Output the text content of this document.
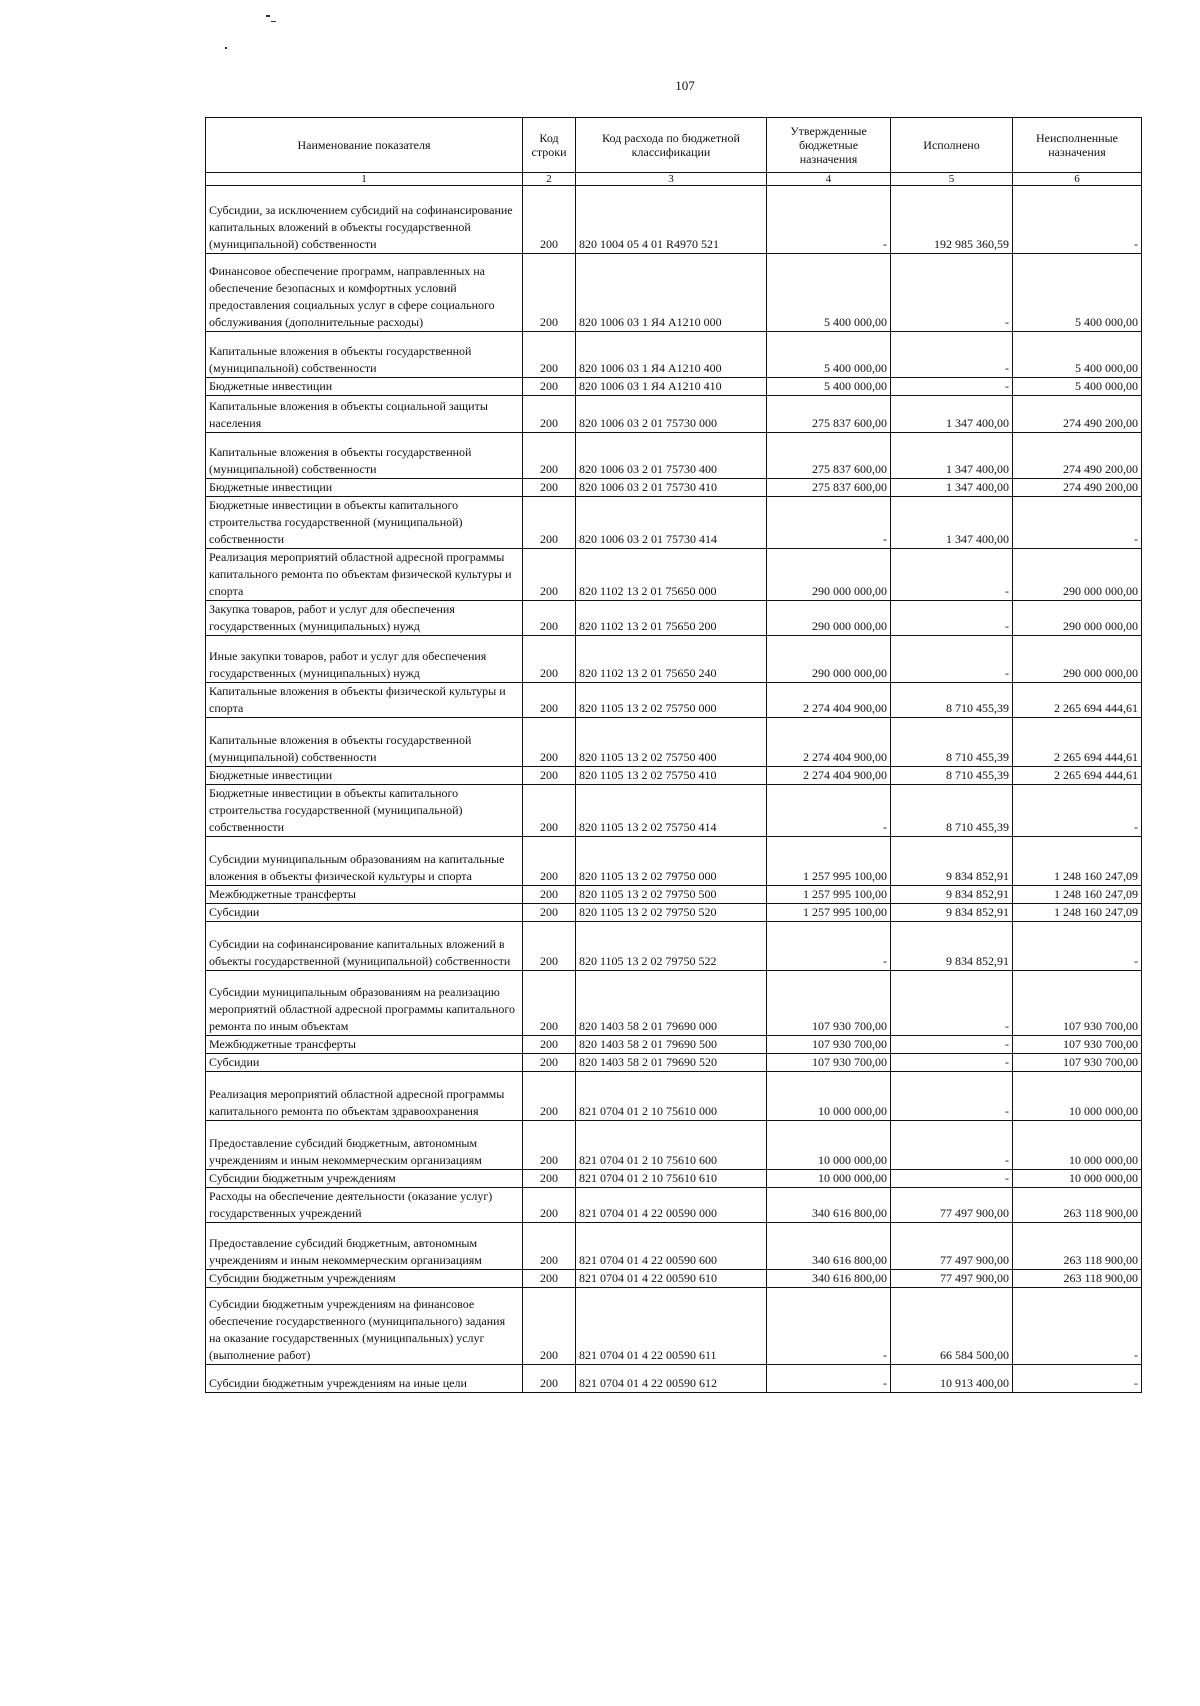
107
Наименование показателя	Код строки	Код расхода по бюджетной классификации	Утвержденные бюджетные назначения	Исполнено	Неисполненные назначения
1	2	3	4	5	6
Субсидии, за исключением субсидий на софинансирование капитальных вложений в объекты государственной (муниципальной) собственности	200	820 1004 05 4 01 R4970 521	-	192 985 360,59	-
Финансовое обеспечение программ, направленных на обеспечение безопасных и комфортных условий предоставления социальных услуг в сфере социального обслуживания (дополнительные расходы)	200	820 1006 03 1 Я4 А1210 000	5 400 000,00	-	5 400 000,00
Капитальные вложения в объекты государственной (муниципальной) собственности	200	820 1006 03 1 Я4 А1210 400	5 400 000,00	-	5 400 000,00
Бюджетные инвестиции	200	820 1006 03 1 Я4 А1210 410	5 400 000,00	-	5 400 000,00
Капитальные вложения в объекты социальной защиты населения	200	820 1006 03 2 01 75730 000	275 837 600,00	1 347 400,00	274 490 200,00
Капитальные вложения в объекты государственной (муниципальной) собственности	200	820 1006 03 2 01 75730 400	275 837 600,00	1 347 400,00	274 490 200,00
Бюджетные инвестиции	200	820 1006 03 2 01 75730 410	275 837 600,00	1 347 400,00	274 490 200,00
Бюджетные инвестиции в объекты капитального строительства государственной (муниципальной) собственности	200	820 1006 03 2 01 75730 414	-	1 347 400,00	-
Реализация мероприятий областной адресной программы капитального ремонта по объектам физической культуры и спорта	200	820 1102 13 2 01 75650 000	290 000 000,00	-	290 000 000,00
Закупка товаров, работ и услуг для обеспечения государственных (муниципальных) нужд	200	820 1102 13 2 01 75650 200	290 000 000,00	-	290 000 000,00
Иные закупки товаров, работ и услуг для обеспечения государственных (муниципальных) нужд	200	820 1102 13 2 01 75650 240	290 000 000,00	-	290 000 000,00
Капитальные вложения в объекты физической культуры и спорта	200	820 1105 13 2 02 75750 000	2 274 404 900,00	8 710 455,39	2 265 694 444,61
Капитальные вложения в объекты государственной (муниципальной) собственности	200	820 1105 13 2 02 75750 400	2 274 404 900,00	8 710 455,39	2 265 694 444,61
Бюджетные инвестиции	200	820 1105 13 2 02 75750 410	2 274 404 900,00	8 710 455,39	2 265 694 444,61
Бюджетные инвестиции в объекты капитального строительства государственной (муниципальной) собственности	200	820 1105 13 2 02 75750 414	-	8 710 455,39	-
Субсидии муниципальным образованиям на капитальные вложения в объекты физической культуры и спорта	200	820 1105 13 2 02 79750 000	1 257 995 100,00	9 834 852,91	1 248 160 247,09
Межбюджетные трансферты	200	820 1105 13 2 02 79750 500	1 257 995 100,00	9 834 852,91	1 248 160 247,09
Субсидии	200	820 1105 13 2 02 79750 520	1 257 995 100,00	9 834 852,91	1 248 160 247,09
Субсидии на софинансирование капитальных вложений в объекты государственной (муниципальной) собственности	200	820 1105 13 2 02 79750 522	-	9 834 852,91	-
Субсидии муниципальным образованиям на реализацию мероприятий областной адресной программы капитального ремонта по иным объектам	200	820 1403 58 2 01 79690 000	107 930 700,00	-	107 930 700,00
Межбюджетные трансферты	200	820 1403 58 2 01 79690 500	107 930 700,00	-	107 930 700,00
Субсидии	200	820 1403 58 2 01 79690 520	107 930 700,00	-	107 930 700,00
Реализация мероприятий областной адресной программы капитального ремонта по объектам здравоохранения	200	821 0704 01 2 10 75610 000	10 000 000,00	-	10 000 000,00
Предоставление субсидий бюджетным, автономным учреждениям и иным некоммерческим организациям	200	821 0704 01 2 10 75610 600	10 000 000,00	-	10 000 000,00
Субсидии бюджетным учреждениям	200	821 0704 01 2 10 75610 610	10 000 000,00	-	10 000 000,00
Расходы на обеспечение деятельности (оказание услуг) государственных учреждений	200	821 0704 01 4 22 00590 000	340 616 800,00	77 497 900,00	263 118 900,00
Предоставление субсидий бюджетным, автономным учреждениям и иным некоммерческим организациям	200	821 0704 01 4 22 00590 600	340 616 800,00	77 497 900,00	263 118 900,00
Субсидии бюджетным учреждениям	200	821 0704 01 4 22 00590 610	340 616 800,00	77 497 900,00	263 118 900,00
Субсидии бюджетным учреждениям на финансовое обеспечение государственного (муниципального) задания на оказание государственных (муниципальных) услуг (выполнение работ)	200	821 0704 01 4 22 00590 611	-	66 584 500,00	-
Субсидии бюджетным учреждениям на иные цели	200	821 0704 01 4 22 00590 612	-	10 913 400,00	-
